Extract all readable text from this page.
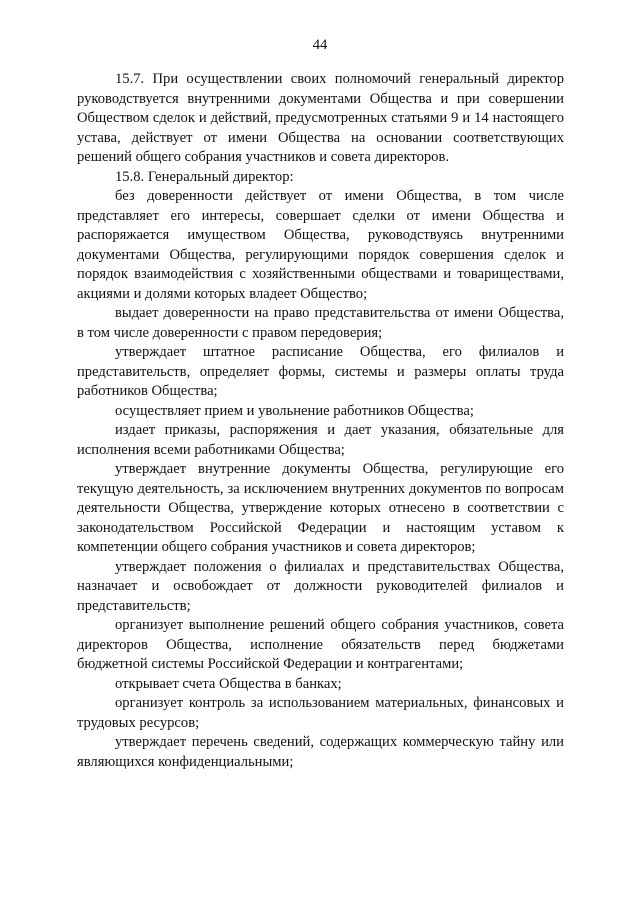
44

15.7. При осуществлении своих полномочий генеральный директор руководствуется внутренними документами Общества и при совершении Обществом сделок и действий, предусмотренных статьями 9 и 14 настоящего устава, действует от имени Общества на основании соответствующих решений общего собрания участников и совета директоров.

15.8. Генеральный директор:

без доверенности действует от имени Общества, в том числе представляет его интересы, совершает сделки от имени Общества и распоряжается имуществом Общества, руководствуясь внутренними документами Общества, регулирующими порядок совершения сделок и порядок взаимодействия с хозяйственными обществами и товариществами, акциями и долями которых владеет Общество;

выдает доверенности на право представительства от имени Общества, в том числе доверенности с правом передоверия;

утверждает штатное расписание Общества, его филиалов и представительств, определяет формы, системы и размеры оплаты труда работников Общества;

осуществляет прием и увольнение работников Общества;

издает приказы, распоряжения и дает указания, обязательные для исполнения всеми работниками Общества;

утверждает внутренние документы Общества, регулирующие его текущую деятельность, за исключением внутренних документов по вопросам деятельности Общества, утверждение которых отнесено в соответствии с законодательством Российской Федерации и настоящим уставом к компетенции общего собрания участников и совета директоров;

утверждает положения о филиалах и представительствах Общества, назначает и освобождает от должности руководителей филиалов и представительств;

организует выполнение решений общего собрания участников, совета директоров Общества, исполнение обязательств перед бюджетами бюджетной системы Российской Федерации и контрагентами;

открывает счета Общества в банках;

организует контроль за использованием материальных, финансовых и трудовых ресурсов;

утверждает перечень сведений, содержащих коммерческую тайну или являющихся конфиденциальными;
